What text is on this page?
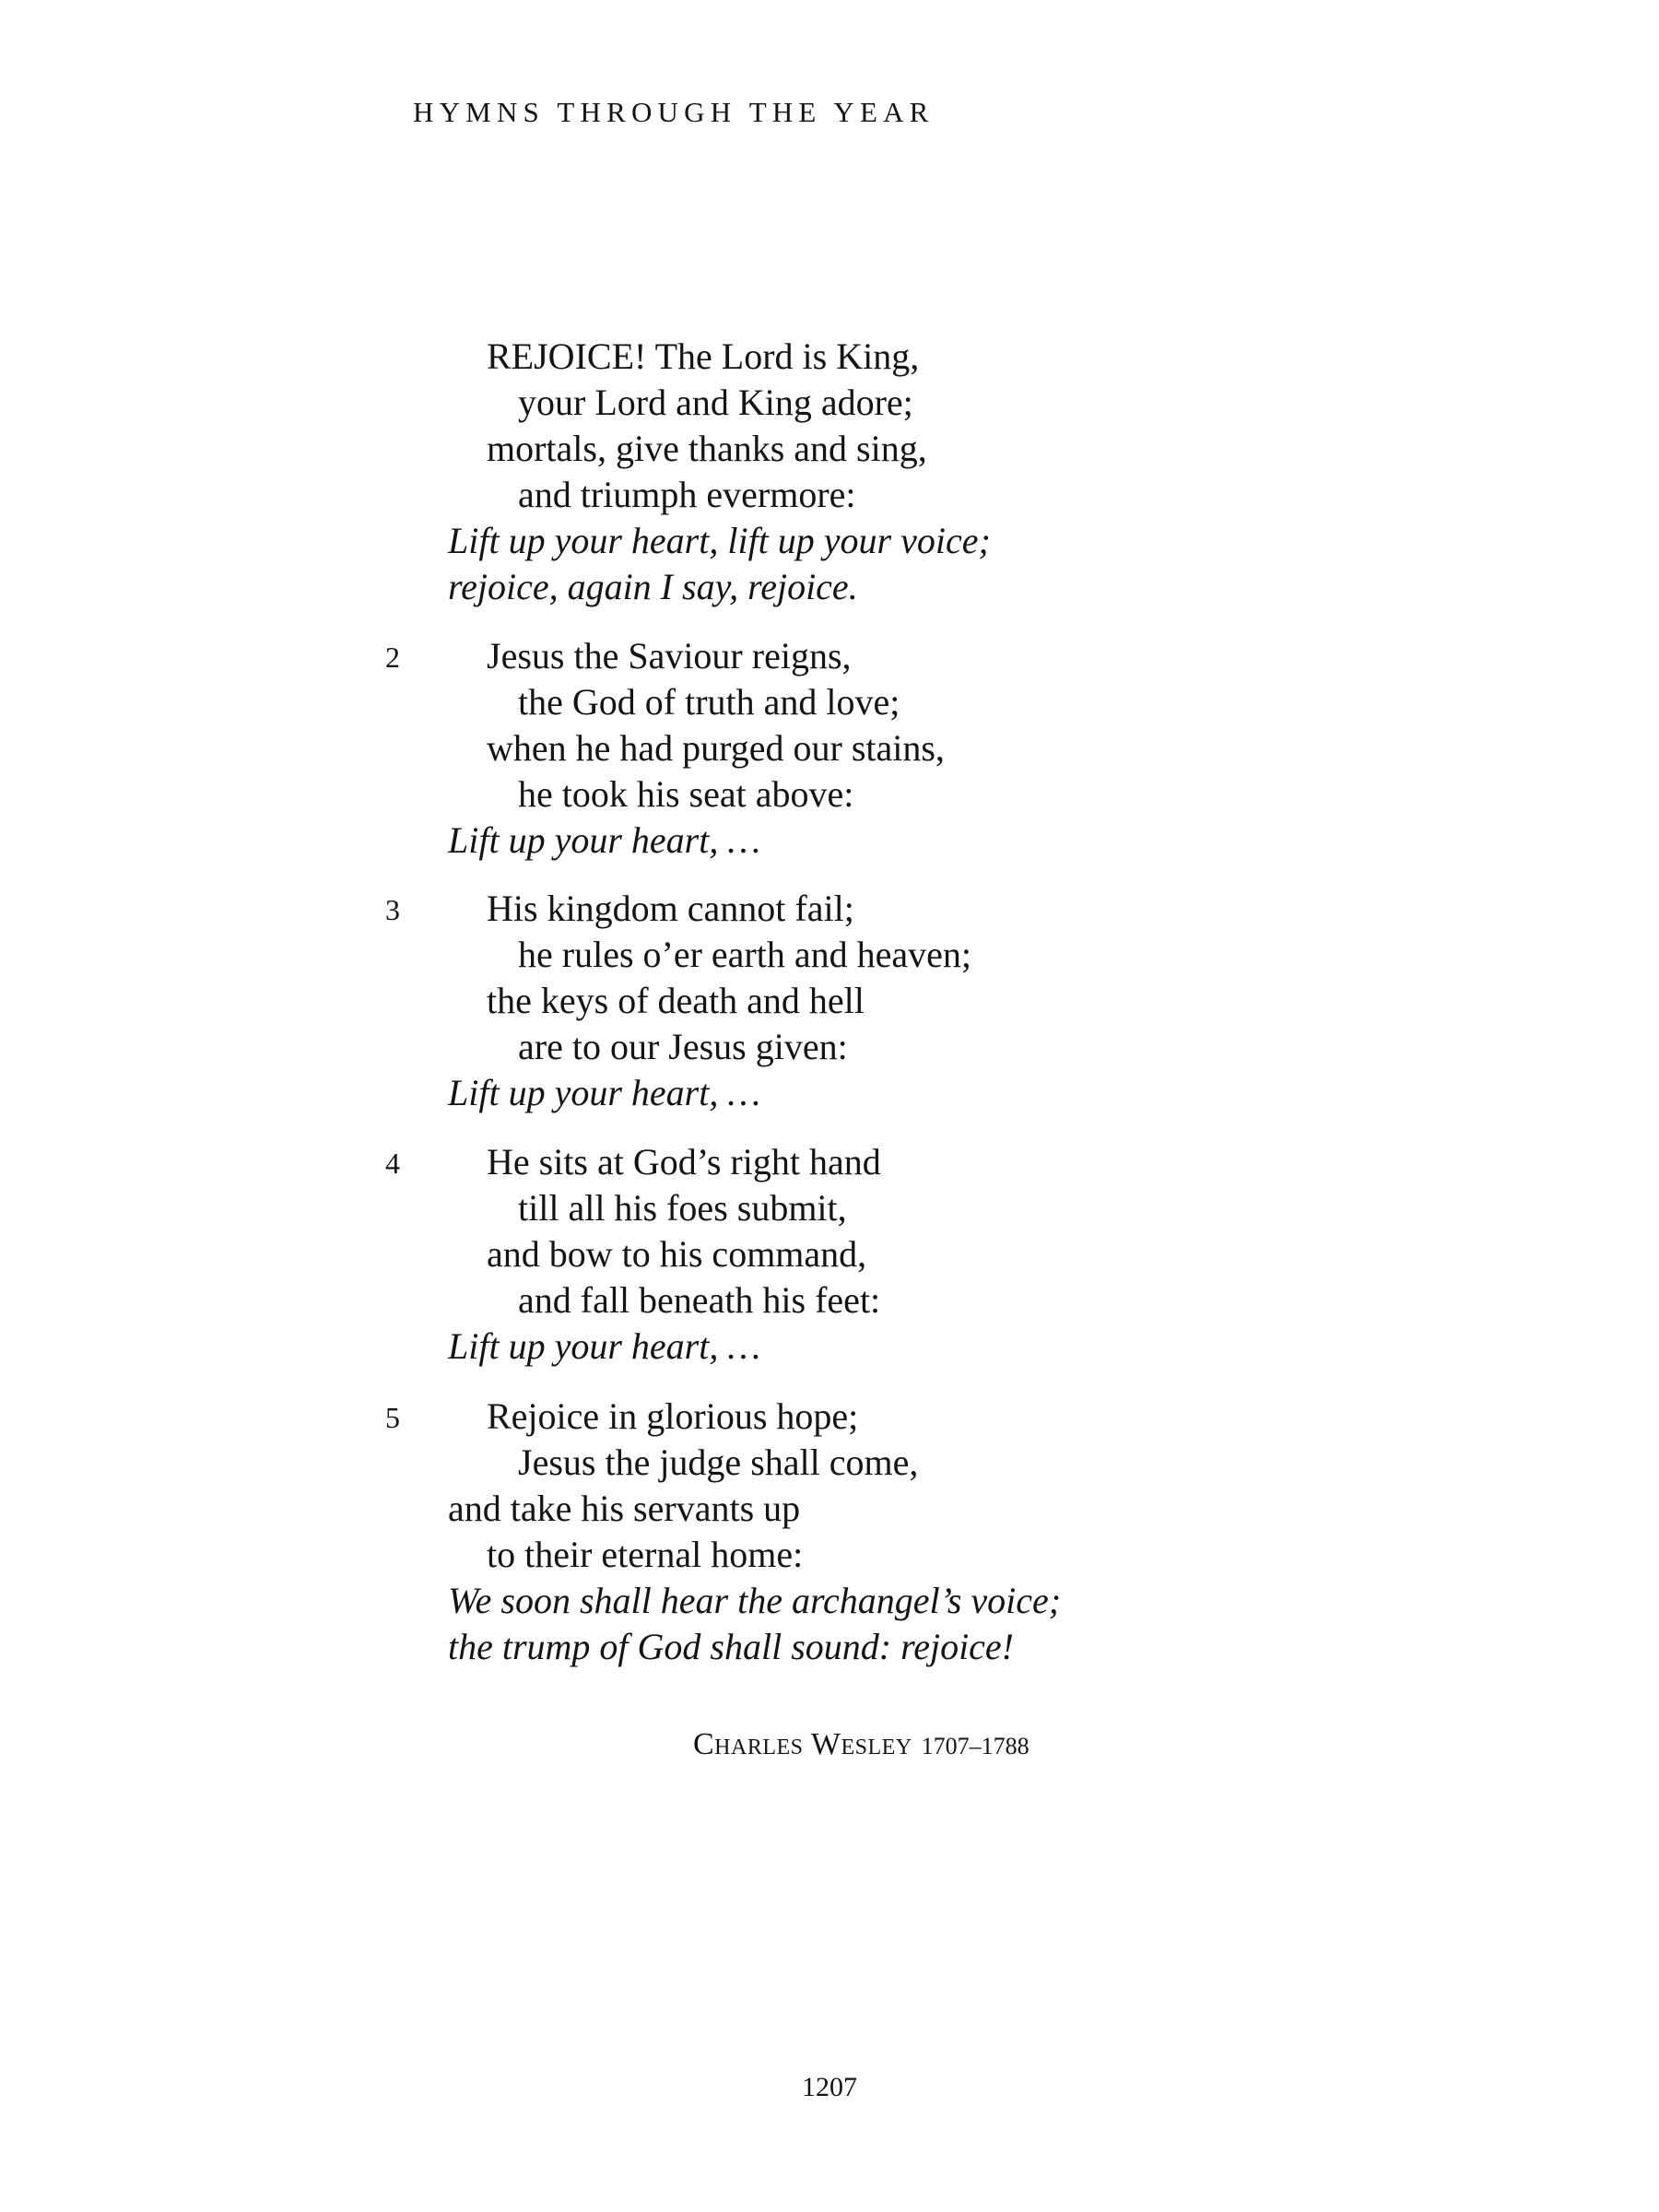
HYMNS THROUGH THE YEAR
REJOICE! The Lord is King,
your Lord and King adore;
mortals, give thanks and sing,
and triumph evermore:
Lift up your heart, lift up your voice;
rejoice, again I say, rejoice.
2 Jesus the Saviour reigns,
the God of truth and love;
when he had purged our stains,
he took his seat above:
Lift up your heart, …
3 His kingdom cannot fail;
he rules o’er earth and heaven;
the keys of death and hell
are to our Jesus given:
Lift up your heart, …
4 He sits at God’s right hand
till all his foes submit,
and bow to his command,
and fall beneath his feet:
Lift up your heart, …
5 Rejoice in glorious hope;
Jesus the judge shall come,
and take his servants up
to their eternal home:
We soon shall hear the archangel’s voice;
the trump of God shall sound: rejoice!
Charles Wesley 1707–1788
1207
